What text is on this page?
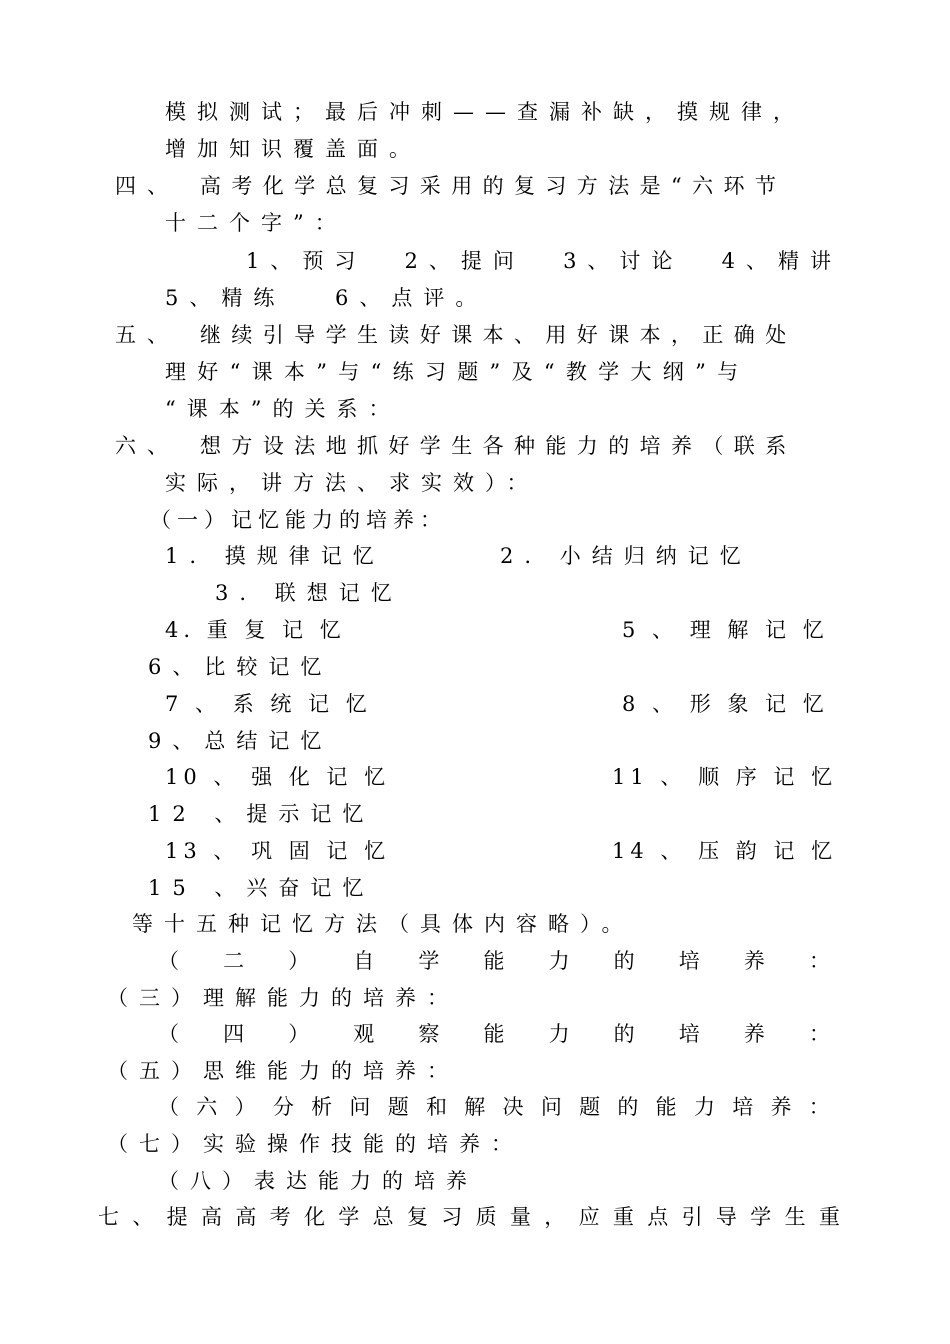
模拟测试；最后冲刺——查漏补缺，摸规律，
增加知识覆盖面。
四、 高考化学总复习采用的复习方法是“六环节
十二个字”：
1、预习 2、提问 3、讨论 4、精讲
5、精练　 6、点评。
五、 继续引导学生读好课本、用好课本，正确处
理好“课本”与“练习题”及“教学大纲”与
“课本”的关系：
六、 想方设法地抓好学生各种能力的培养（联系
实际，讲方法、求实效）：
（一）记忆能力的培养：
1. 摸规律记忆	2. 小结归纳记忆
3. 联想记忆
4. 重 复 记 忆	5 、 理 解 记 忆
6、比较记忆
7 、 系 统 记 忆	8 、 形 象 记 忆
9、总结记忆
10 、 强 化 记 忆	11 、 顺 序 记 忆
12 、提示记忆
13 、 巩 固 记 忆	14 、 压 韵 记 忆
15 、兴奋记忆
等十五种记忆方法（具体内容略）。
（ 二 ） 自 学 能 力 的 培 养 ：
（三）理解能力的培养：
（ 四 ） 观 察 能 力 的 培 养 ：
（五）思维能力的培养：
（ 六 ） 分 析 问 题 和 解 决 问 题 的 能 力 培 养 ：
（七）实验操作技能的培养：
（八）表达能力的培养
七 、 提 高 高 考 化 学 总 复 习 质 量 ， 应 重 点 引 导 学 生 重
